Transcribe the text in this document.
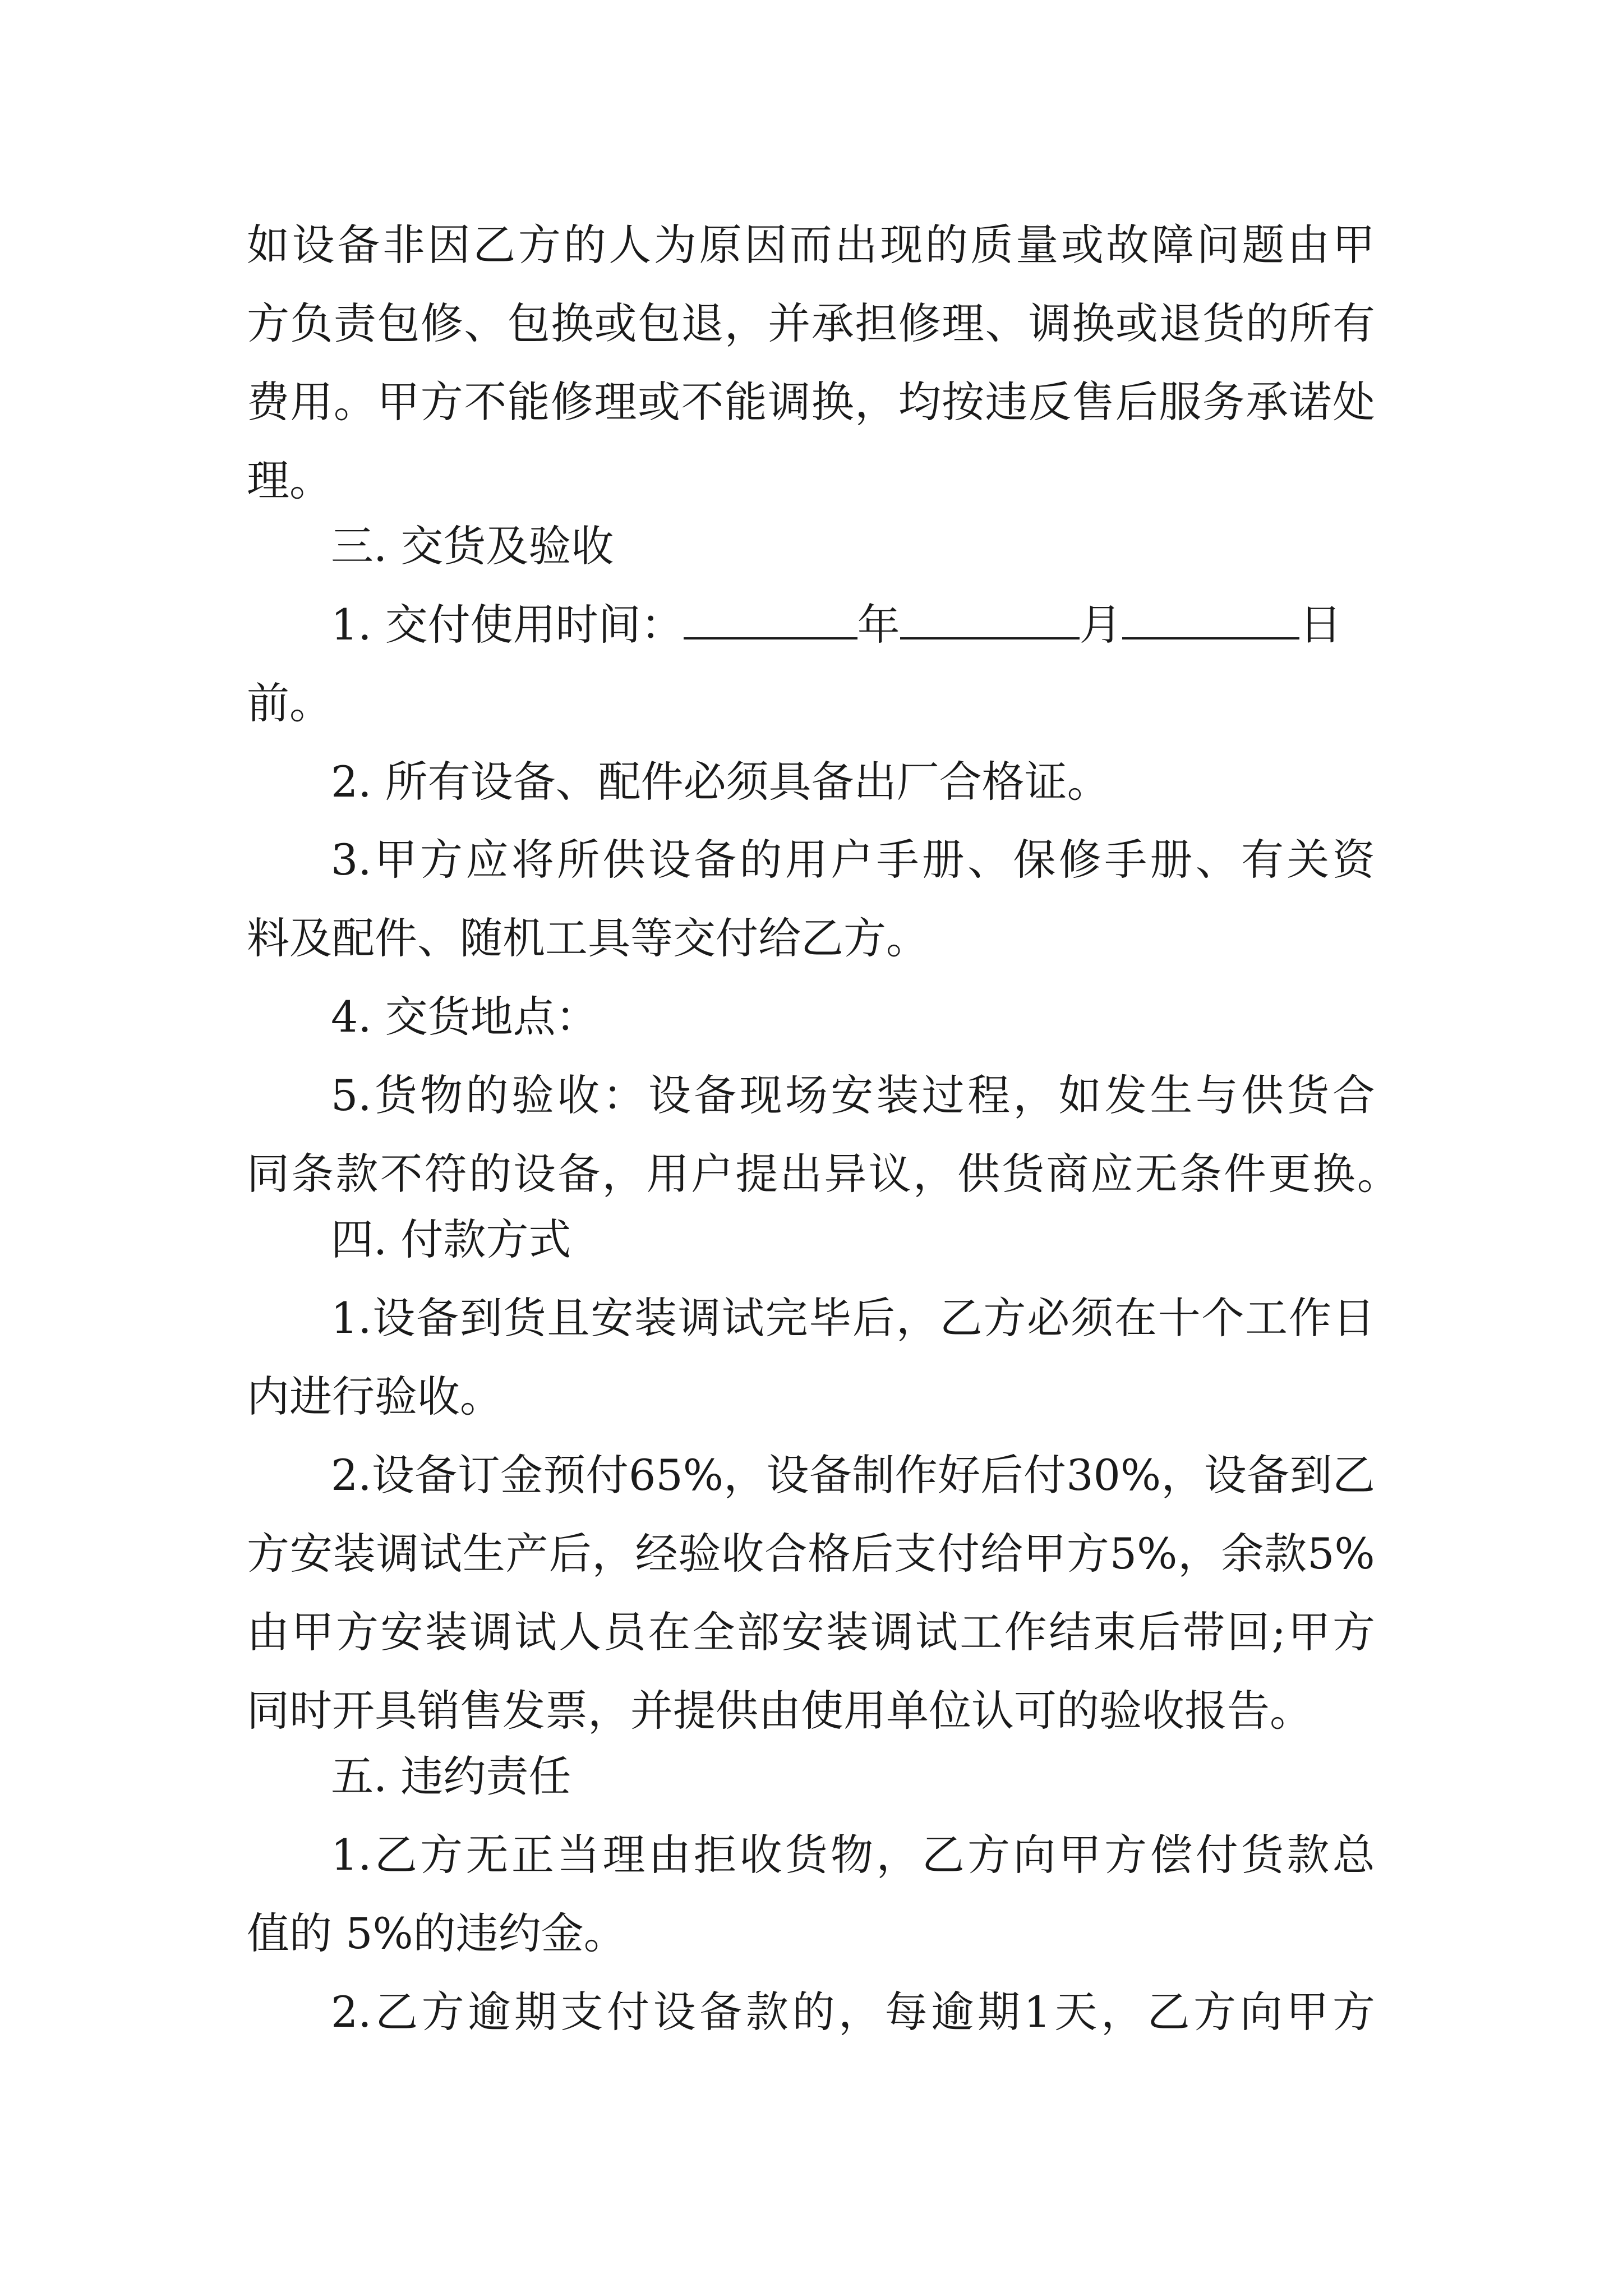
如 设 备 非 因 乙 方 的 人 为 原 因 而 出 现 的 质 量 或 故 障 问 题 由 甲
方 负 责 包 修 、 包 换 或 包 退 ， 并 承 担 修 理 、 调 换 或 退 货 的 所 有
费 用 。 甲 方 不 能 修 理 或 不 能 调 换 ， 均 按 违 反 售 后 服 务 承 诺 处
理。
三. 交货及验收
1. 交付使用时间：	年	月	日
前。
2. 所有设备、配件必须具备出厂合格证。
3. 甲 方 应 将 所 供 设 备 的 用 户 手 册 、 保 修 手 册 、 有 关 资
料及配件、随机工具等交付给乙方。
4. 交货地点：
5. 货 物 的 验 收 ： 设 备 现 场 安 装 过 程 ， 如 发 生 与 供 货 合
同 条 款 不 符 的 设 备 ， 用 户 提 出 异 议 ， 供 货 商 应 无 条 件 更 换 。
四. 付款方式
1. 设 备 到 货 且 安 装 调 试 完 毕 后 ， 乙 方 必 须 在 十 个 工 作 日
内进行验收。
2. 设 备 订 金 预 付 65% ， 设 备 制 作 好 后 付 30% ， 设 备 到 乙
方 安 装 调 试 生 产 后 ， 经 验 收 合 格 后 支 付 给 甲 方 5% ， 余 款 5%
由 甲 方 安 装 调 试 人 员 在 全 部 安 装 调 试 工 作 结 束 后 带 回 ; 甲 方
同时开具销售发票，并提供由使用单位认可的验收报告。
五. 违约责任
1. 乙 方 无 正 当 理 由 拒 收 货 物 ， 乙 方 向 甲 方 偿 付 货 款 总
值的 5%的违约金。
2. 乙 方 逾 期 支 付 设 备 款 的 ， 每 逾 期 1 天 ， 乙 方 向 甲 方
